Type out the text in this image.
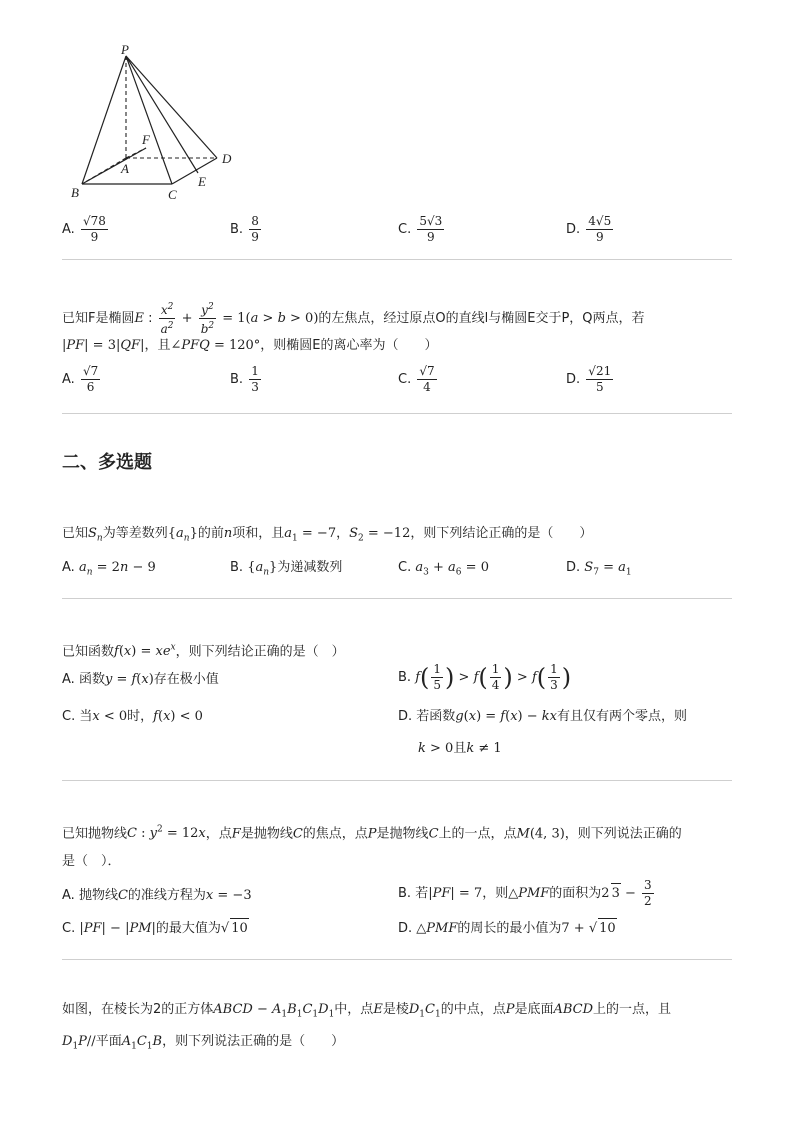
P
F
A
D
B	C
E
A. $\frac{√78}{9}$	B. $\frac{8}{9}$	C. $\frac{5√3}{9}$	D. $\frac{4√5}{9}$
已知F是椭圆E : $\frac{x^2}{a^2} + \frac{y^2}{b^2} = 1(a > b > 0)$的左焦点，经过原点O的直线l与椭圆E交于P，Q两点，若
|PF| = 3|QF|，且∠PFQ = 120°，则椭圆E的离心率为（　　）
A. $\frac{√7}{6}$	B. $\frac{1}{3}$	C. $\frac{√7}{4}$	D. $\frac{√21}{5}$
二、多选题
已知$S_n$为等差数列$\{a_n\}$的前n项和，且$a_1 = -7$，$S_2 = -12$，则下列结论正确的是（　　）
A. $a_n = 2n - 9$	B. $\{a_n\}$为递减数列	C. $a_3 + a_6 = 0$	D. $S_7 = a_1$
已知函数$f(x) = xe^x$，则下列结论正确的是（　）
A. 函数y = f(x)存在极小值	B. $f( \frac{1}{5}$ ) > $f( \frac{1}{4}$ ) > $f( \frac{1}{3}$ )
C. 当x < 0时，f(x) < 0	D. 若函数g(x) = f(x) − kx有且仅有两个零点，则
k > 0且k ≠ 1
已知抛物线C : $y^2 = 12x$，点F是抛物线C的焦点，点P是抛物线C上的一点，点M(4, 3)，则下列说法正确的
是（　）．
A. 抛物线C的准线方程为x = −3	B. 若|PF| = 7，则△PMF的面积为2 $3 - \frac{3}{2}$
C. |PF| − |PM|的最大值为√ 10	D. △PMF的周长的最小值为7 + √ 10
如图，在棱长为2的正方体ABCD − $A_1B_1C_1D_1$中，点E是棱$D_1C_1$的中点，点P是底面ABCD上的一点，且
$D_1P//$平面$A_1C_1B$，则下列说法正确的是（　　）
